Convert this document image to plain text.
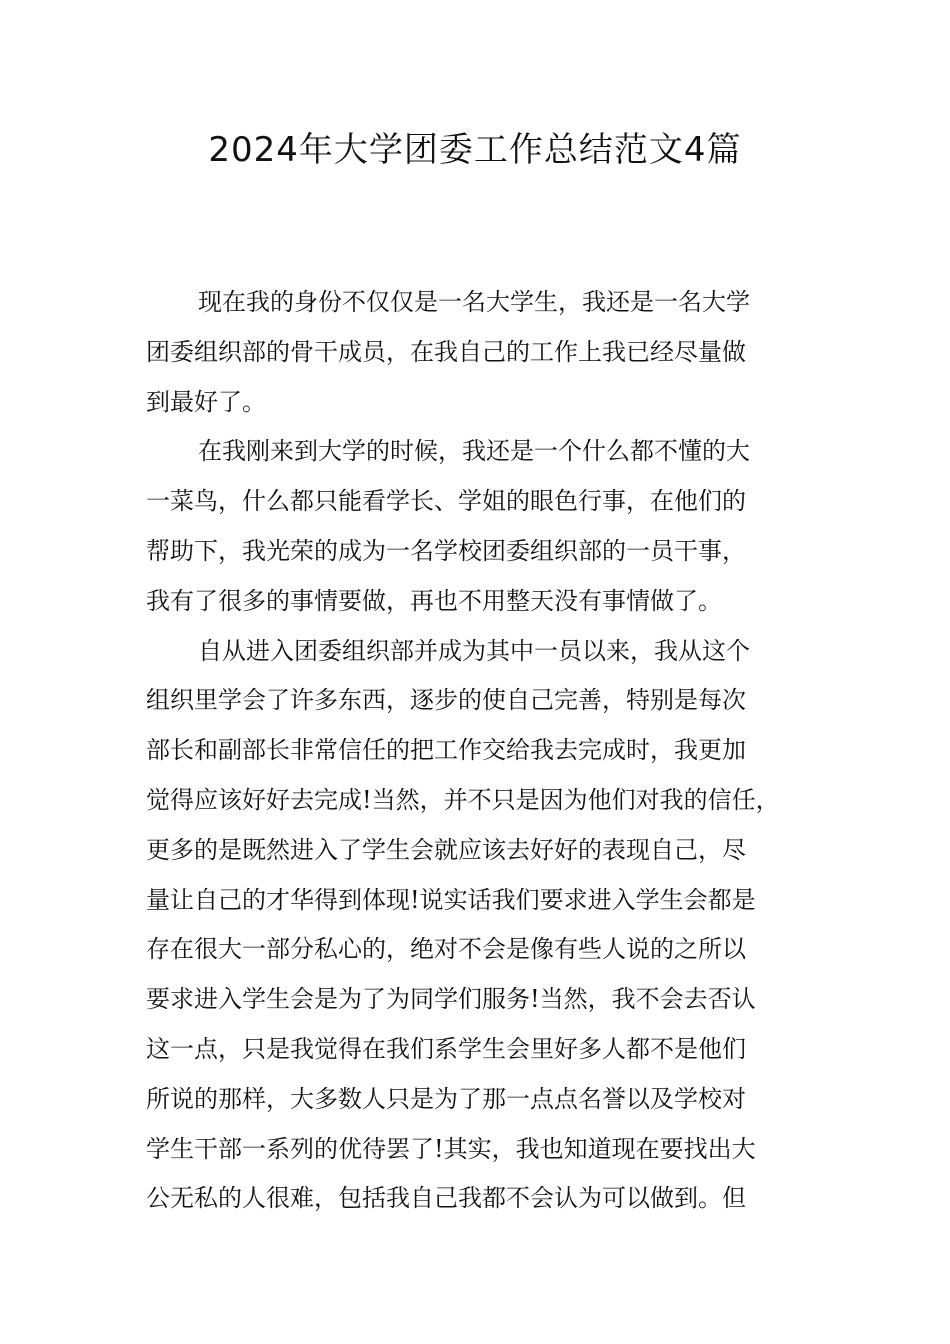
2024年大学团委工作总结范文4篇
现在我的身份不仅仅是一名大学生，我还是一名大学
团委组织部的骨干成员，在我自己的工作上我已经尽量做
到最好了。
在我刚来到大学的时候，我还是一个什么都不懂的大
一菜鸟，什么都只能看学长、学姐的眼色行事，在他们的
帮助下，我光荣的成为一名学校团委组织部的一员干事，
我有了很多的事情要做，再也不用整天没有事情做了。
自从进入团委组织部并成为其中一员以来，我从这个
组织里学会了许多东西，逐步的使自己完善，特别是每次
部长和副部长非常信任的把工作交给我去完成时，我更加
觉得应该好好去完成!当然，并不只是因为他们对我的信任，
更多的是既然进入了学生会就应该去好好的表现自己，尽
量让自己的才华得到体现!说实话我们要求进入学生会都是
存在很大一部分私心的，绝对不会是像有些人说的之所以
要求进入学生会是为了为同学们服务!当然，我不会去否认
这一点，只是我觉得在我们系学生会里好多人都不是他们
所说的那样，大多数人只是为了那一点点名誉以及学校对
学生干部一系列的优待罢了!其实，我也知道现在要找出大
公无私的人很难，包括我自己我都不会认为可以做到。但
